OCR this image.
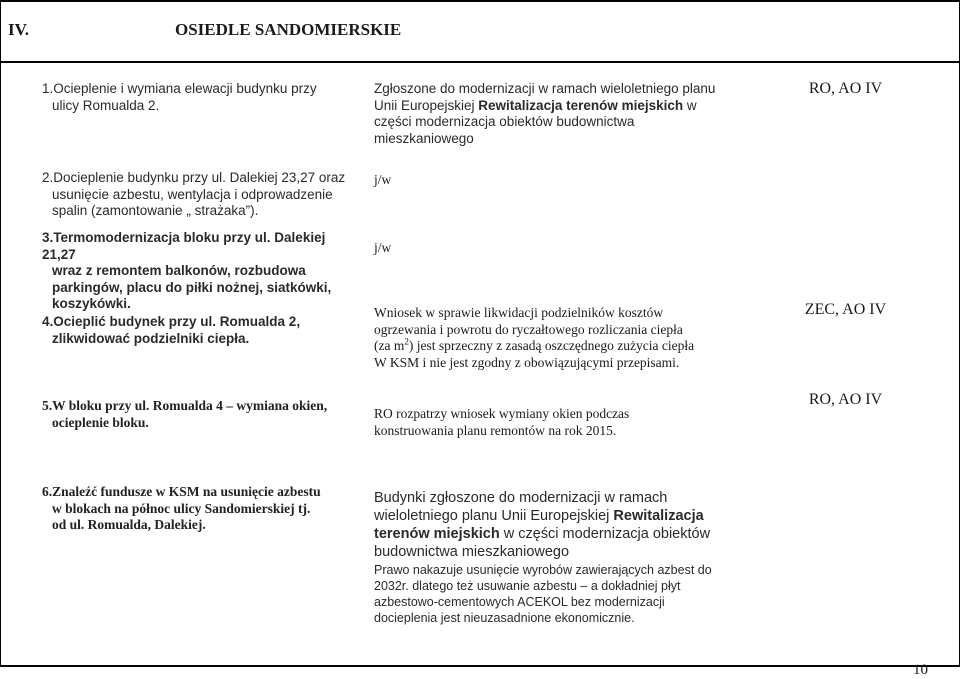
IV.	OSIEDLE SANDOMIERSKIE
1.Ocieplenie i wymiana elewacji budynku przy
ulicy Romualda 2.
Zgłoszone do modernizacji w ramach wieloletniego planu Unii Europejskiej Rewitalizacja terenów miejskich w części modernizacja obiektów budownictwa mieszkaniowego
RO, AO IV
2.Docieplenie budynku przy ul. Dalekiej 23,27 oraz
usunięcie azbestu, wentylacja i odprowadzenie
spalin (zamontowanie „ strażaka”).
j/w
3.Termomodernizacja bloku przy ul. Dalekiej 21,27
wraz z remontem balkonów, rozbudowa
parkingów, placu do piłki nożnej, siatkówki,
koszykówki.
j/w
4.Ocieplić budynek przy ul. Romualda 2,
zlikwidować podzielniki ciepła.
Wniosek w sprawie likwidacji podzielników kosztów
ogrzewania i powrotu do ryczałtowego rozliczania ciepła
(za $m^2$) jest sprzeczny z zasadą oszczędnego zużycia ciepła
W KSM i nie jest zgodny z obowiązującymi przepisami.
ZEC, AO IV
5.W bloku przy ul. Romualda 4 – wymiana okien,
ocieplenie bloku.
RO rozpatrzy wniosek wymiany okien podczas
konstruowania planu remontów na rok 2015.
RO, AO IV
6.Znaleźć fundusze w KSM na usunięcie azbestu
w blokach na północ ulicy Sandomierskiej tj.
od ul. Romualda, Dalekiej.
Budynki zgłoszone do modernizacji w ramach wieloletniego planu Unii Europejskiej Rewitalizacja terenów miejskich w części modernizacja obiektów budownictwa mieszkaniowego
Prawo nakazuje usunięcie wyrobów zawierających azbest do
2032r. dlatego też usuwanie azbestu – a dokładniej płyt
azbestowo-cementowych ACEKOL bez modernizacji
docieplenia jest nieuzasadnione ekonomicznie.
10
